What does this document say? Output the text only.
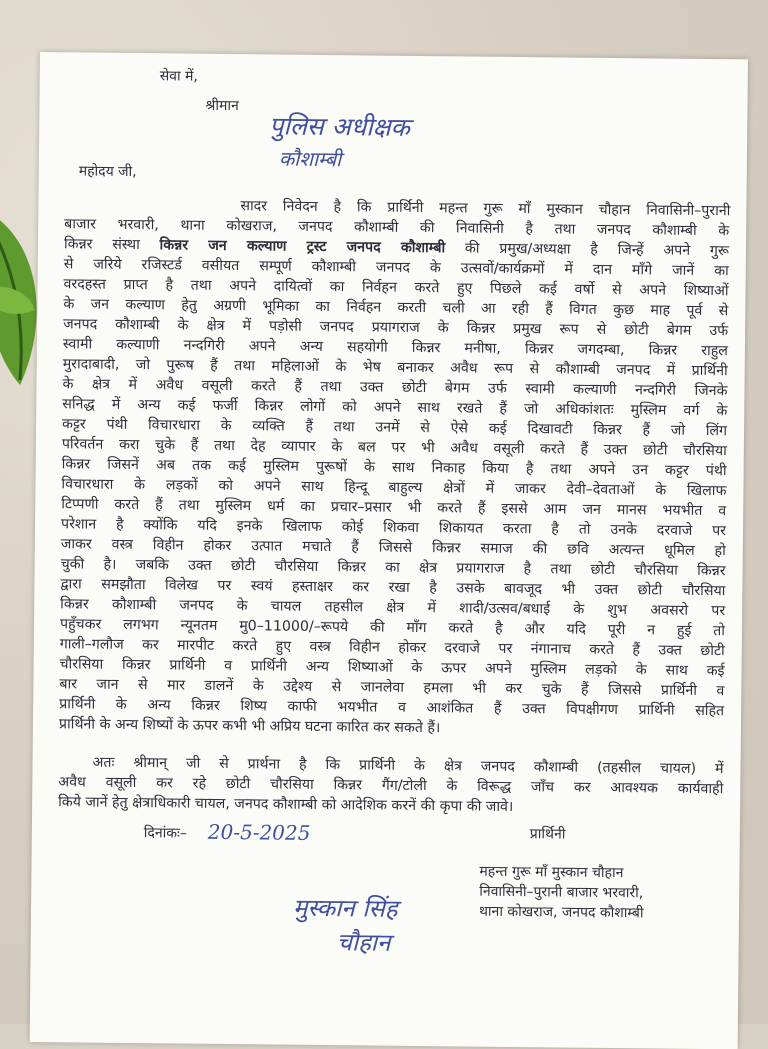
सेवा में,
श्रीमान
पुलिस अधीक्षक
कौशाम्बी
महोदय जी,
सादर निवेदन है कि प्रार्थिनी महन्त गुरू माँ मुस्कान चौहान निवासिनी–पुरानी
बाजार भरवारी, थाना कोखराज, जनपद कौशाम्बी की निवासिनी है तथा जनपद कौशाम्बी के
किन्नर संस्था किन्नर जन कल्याण ट्रस्ट जनपद कौशाम्बी की प्रमुख/अध्यक्षा है जिन्हें अपने गुरू
से जरिये रजिस्टर्ड वसीयत सम्पूर्ण कौशाम्बी जनपद के उत्सवों/कार्यक्रमों में दान माँगे जानें का
वरदहस्त प्राप्त है तथा अपने दायित्वों का निर्वहन करते हुए पिछले कई वर्षो से अपने शिष्याओं
के जन कल्याण हेतु अग्रणी भूमिका का निर्वहन करती चली आ रही हैं विगत कुछ माह पूर्व से
जनपद कौशाम्बी के क्षेत्र में पड़ोसी जनपद प्रयागराज के किन्नर प्रमुख रूप से छोटी बेगम उर्फ
स्वामी कल्याणी नन्दगिरी अपने अन्य सहयोगी किन्नर मनीषा, किन्नर जगदम्बा, किन्नर राहुल
मुरादाबादी, जो पुरूष हैं तथा महिलाओं के भेष बनाकर अवैध रूप से कौशाम्बी जनपद में प्रार्थिनी
के क्षेत्र में अवैध वसूली करते हैं तथा उक्त छोटी बेगम उर्फ स्वामी कल्याणी नन्दगिरी जिनके
सनिद्ध में अन्य कई फर्जी किन्नर लोगों को अपने साथ रखते हैं जो अधिकांशतः मुस्लिम वर्ग के
कट्टर पंथी विचारधारा के व्यक्ति हैं तथा उनमें से ऐसे कई दिखावटी किन्नर हैं जो लिंग
परिवर्तन करा चुके हैं तथा देह व्यापार के बल पर भी अवैध वसूली करते हैं उक्त छोटी चौरसिया
किन्नर जिसनें अब तक कई मुस्लिम पुरूषों के साथ निकाह किया है तथा अपने उन कट्टर पंथी
विचारधारा के लड़कों को अपने साथ हिन्दू बाहुल्य क्षेत्रों में जाकर देवी–देवताओं के खिलाफ
टिप्पणी करते हैं तथा मुस्लिम धर्म का प्रचार–प्रसार भी करते हैं इससे आम जन मानस भयभीत व
परेशान है क्योंकि यदि इनके खिलाफ कोई शिकवा शिकायत करता है तो उनके दरवाजे पर
जाकर वस्त्र विहीन होकर उत्पात मचाते हैं जिससे किन्नर समाज की छवि अत्यन्त धूमिल हो
चुकी है। जबकि उक्त छोटी चौरसिया किन्नर का क्षेत्र प्रयागराज है तथा छोटी चौरसिया किन्नर
द्वारा समझौता विलेख पर स्वयं हस्ताक्षर कर रखा है उसके बावजूद भी उक्त छोटी चौरसिया
किन्नर कौशाम्बी जनपद के चायल तहसील क्षेत्र में शादी/उत्सव/बधाई के शुभ अवसरो पर
पहुँचकर लगभग न्यूनतम मु0–11000/–रूपये की माँग करते है और यदि पूरी न हुई तो
गाली–गलौज कर मारपीट करते हुए वस्त्र विहीन होकर दरवाजे पर नंगानाच करते हैं उक्त छोटी
चौरसिया किन्नर प्रार्थिनी व प्रार्थिनी अन्य शिष्याओं के ऊपर अपने मुस्लिम लड़को के साथ कई
बार जान से मार डालनें के उद्देश्य से जानलेवा हमला भी कर चुके हैं जिससे प्रार्थिनी व
प्रार्थिनी के अन्य किन्नर शिष्य काफी भयभीत व आशंकित हैं उक्त विपक्षीगण प्रार्थिनी सहित
प्रार्थिनी के अन्य शिष्यों के ऊपर कभी भी अप्रिय घटना कारित कर सकते हैं।
अतः श्रीमान् जी से प्रार्थना है कि प्रार्थिनी के क्षेत्र जनपद कौशाम्बी (तहसील चायल) में
अवैध वसूली कर रहे छोटी चौरसिया किन्नर गैंग/टोली के विरूद्ध जाँच कर आवश्यक कार्यवाही
किये जानें हेतु क्षेत्राधिकारी चायल, जनपद कौशाम्बी को आदेशिक करनें की कृपा की जावे।
दिनांकः– 20-5-2025	प्रार्थिनी
महन्त गुरू माँ मुस्कान चौहान
निवासिनी–पुरानी बाजार भरवारी,
थाना कोखराज, जनपद कौशाम्बी
मुस्कान सिंह
चौहान
